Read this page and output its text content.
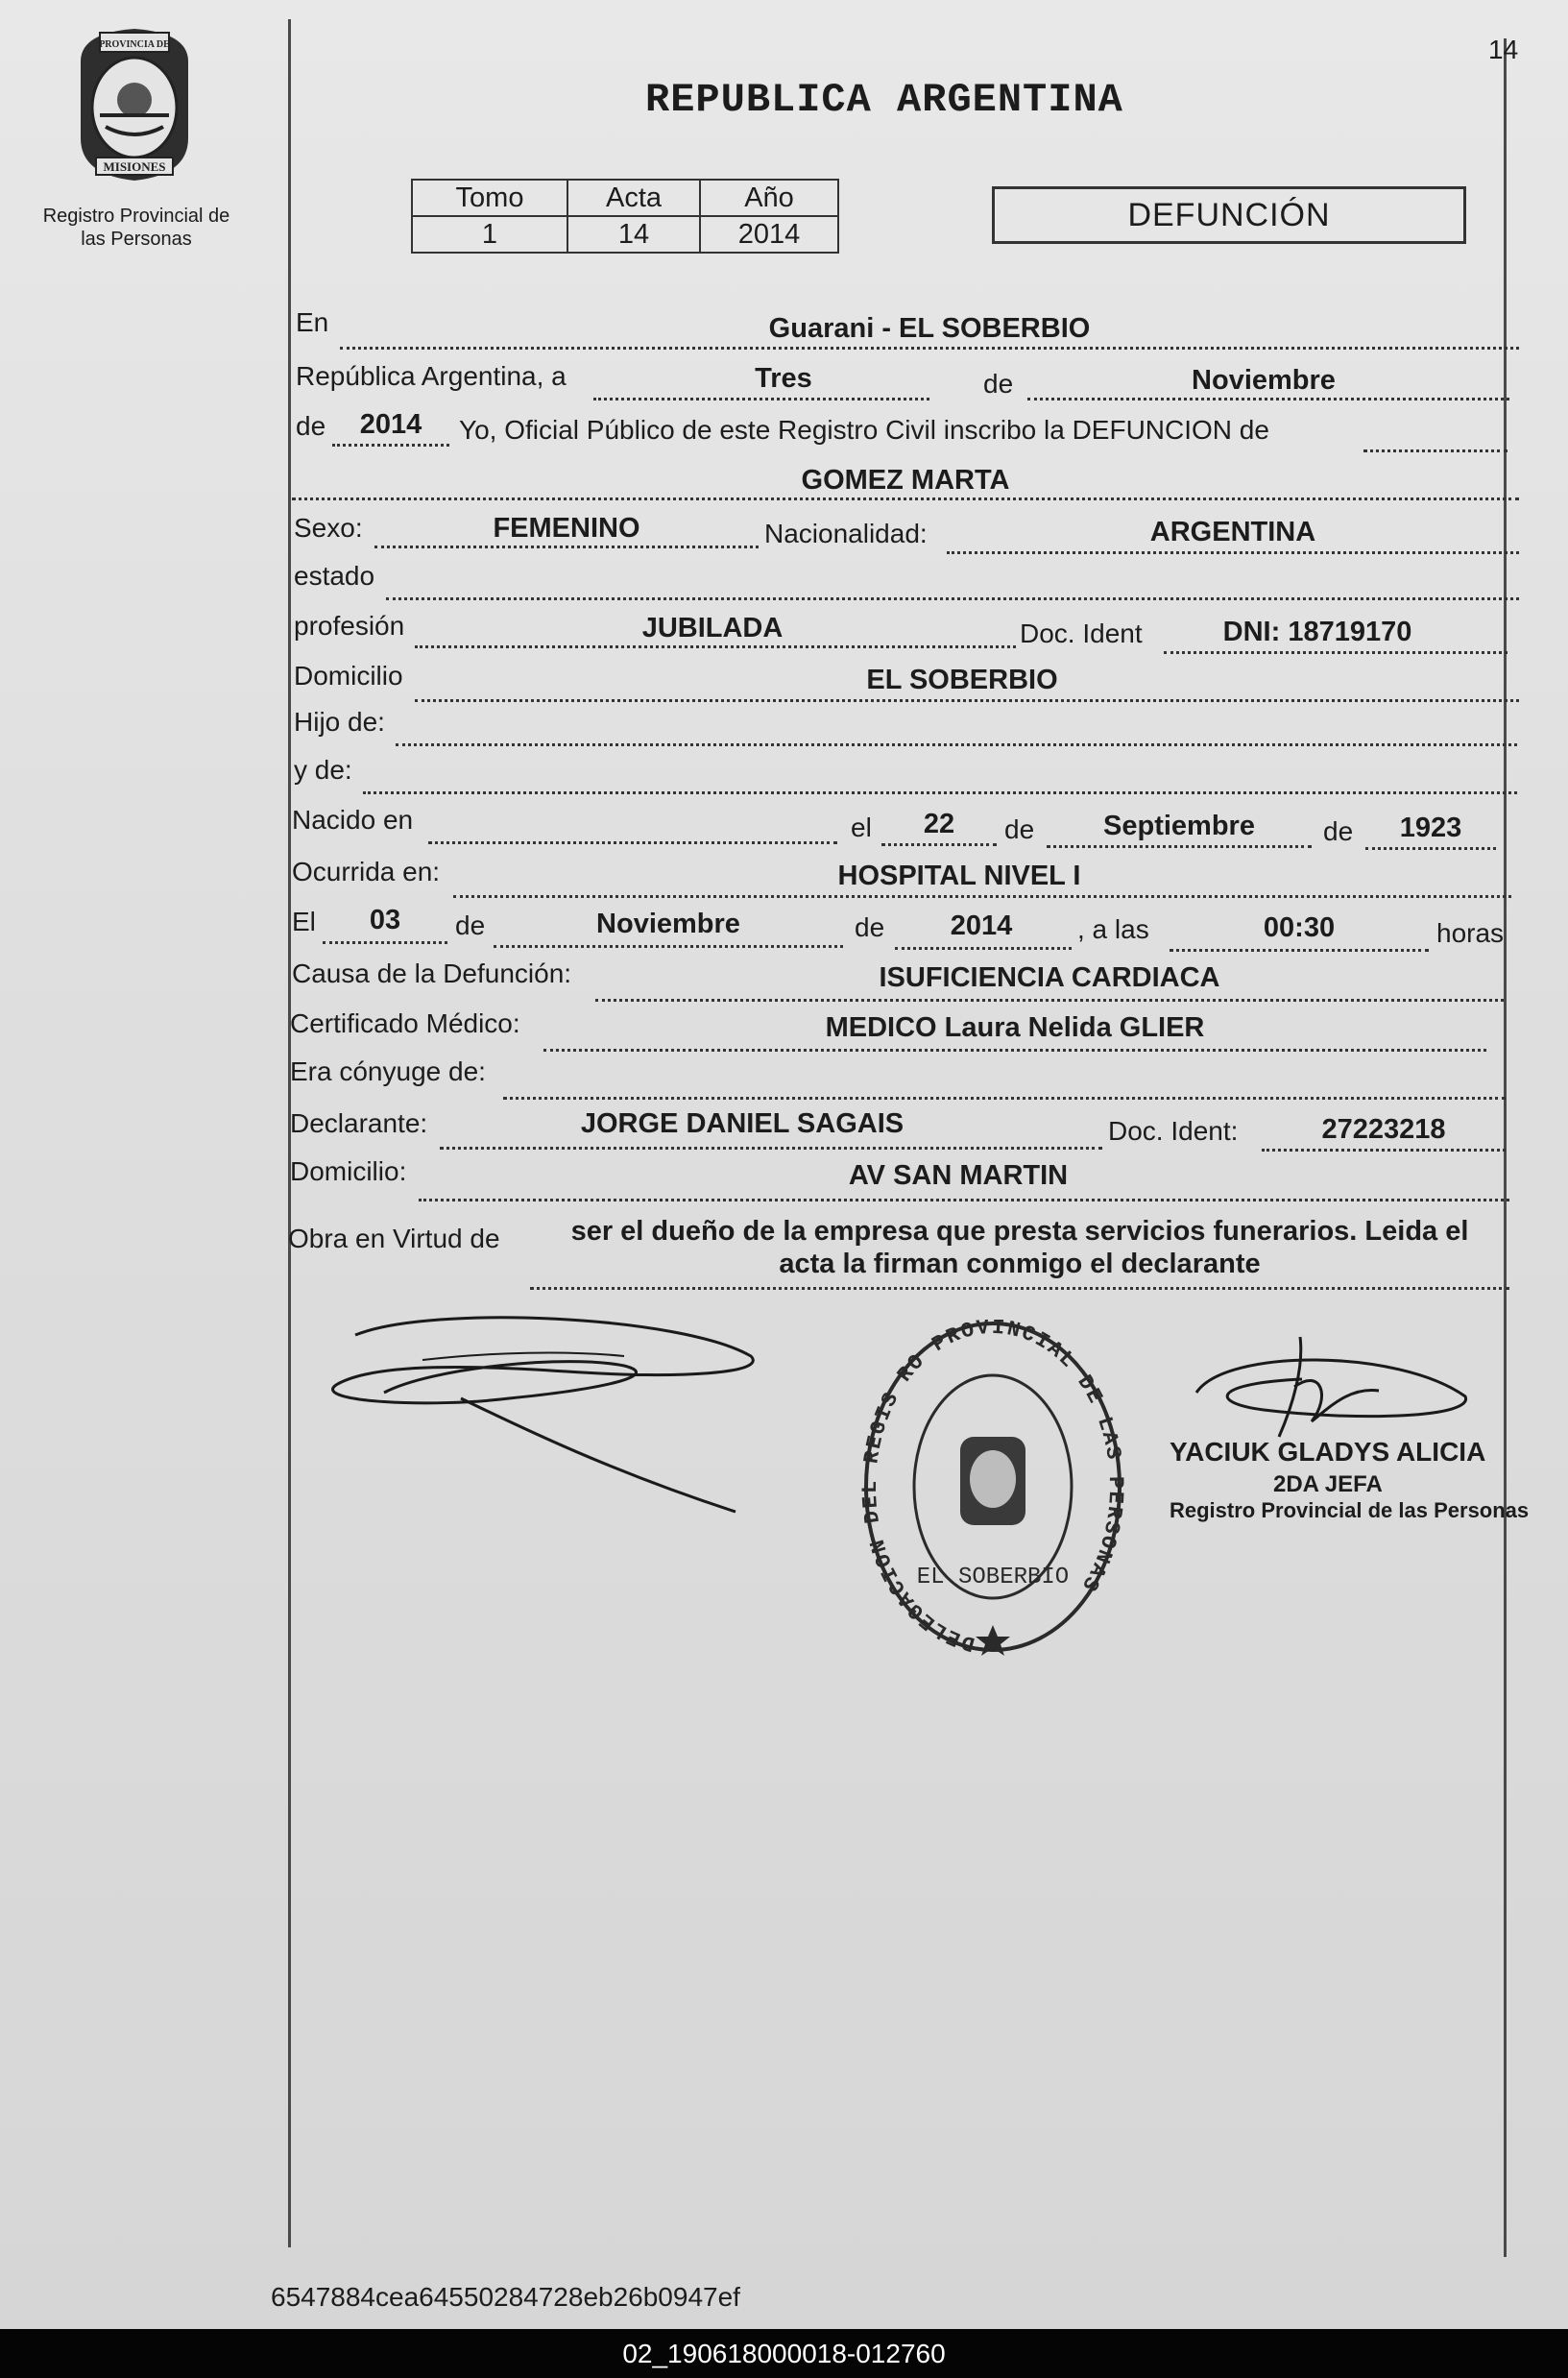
PROVINCIA DE
MISIONES
Registro Provincial de
las Personas
14
REPUBLICA ARGENTINA
Tomo	Acta	Año
1	14	2014
DEFUNCIÓN
En	Guarani - EL SOBERBIO
República Argentina, a	Tres	de	Noviembre
de	2014	Yo, Oficial Público de este Registro Civil inscribo la DEFUNCION de
GOMEZ MARTA
Sexo:	FEMENINO	Nacionalidad:	ARGENTINA
estado
profesión	JUBILADA	Doc. Ident	DNI: 18719170
Domicilio	EL SOBERBIO
Hijo de:
y de:
Nacido en	el	22	de	Septiembre	de	1923
Ocurrida en:	HOSPITAL NIVEL I
El	03	de	Noviembre	de	2014	, a las	00:30	horas
Causa de la Defunción:	ISUFICIENCIA CARDIACA
Certificado Médico:	MEDICO Laura Nelida GLIER
Era cónyuge de:
Declarante:	JORGE DANIEL SAGAIS	Doc. Ident:	27223218
Domicilio:	AV SAN MARTIN
Obra en Virtud de	ser el dueño de la empresa que presta servicios funerarios. Leida el
acta la firman conmigo el declarante
DELEGACION DEL REGIS RO PROVINCIAL DE LAS PERSONAS
EL SOBERBIO
YACIUK GLADYS ALICIA
2DA JEFA
Registro Provincial de las Personas
6547884cea64550284728eb26b0947ef
02_190618000018-012760
